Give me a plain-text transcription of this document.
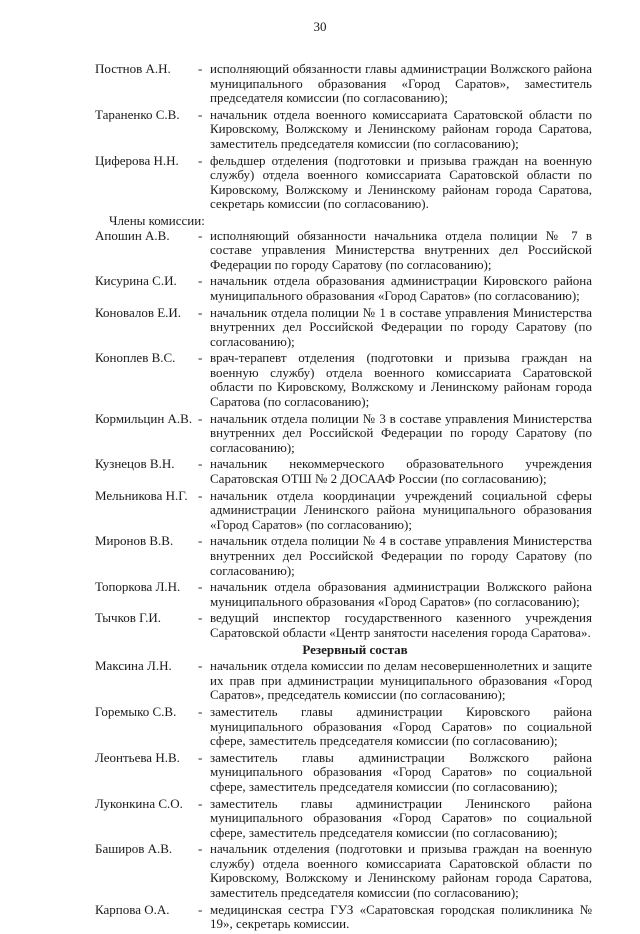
30
Постнов А.Н.	- исполняющий обязанности главы администрации Волжского района муниципального образования «Город Саратов», заместитель председателя комиссии (по согласованию);
Тараненко С.В.	- начальник отдела военного комиссариата Саратовской области по Кировскому, Волжскому и Ленинскому районам города Саратова, заместитель председателя комиссии (по согласованию);
Циферова Н.Н.	- фельдшер отделения (подготовки и призыва граждан на военную службу) отдела военного комиссариата Саратовской области по Кировскому, Волжскому и Ленинскому районам города Саратова, секретарь комиссии (по согласованию).
Члены комиссии:
Апошин А.В.	- исполняющий обязанности начальника отдела полиции № 7 в составе управления Министерства внутренних дел Российской Федерации по городу Саратову (по согласованию);
Кисурина С.И.	- начальник отдела образования администрации Кировского района муниципального образования «Город Саратов» (по согласованию);
Коновалов Е.И.	- начальник отдела полиции № 1 в составе управления Министерства внутренних дел Российской Федерации по городу Саратову (по согласованию);
Коноплев В.С.	- врач-терапевт отделения (подготовки и призыва граждан на военную службу) отдела военного комиссариата Саратовской области по Кировскому, Волжскому и Ленинскому районам города Саратова (по согласованию);
Кормильцин А.В. - начальник отдела полиции № 3 в составе управления Министерства внутренних дел Российской Федерации по городу Саратову (по согласованию);
Кузнецов В.Н.	- начальник некоммерческого образовательного учреждения Саратовская ОТШ № 2 ДОСААФ России (по согласованию);
Мельникова Н.Г. - начальник отдела координации учреждений социальной сферы администрации Ленинского района муниципального образования «Город Саратов» (по согласованию);
Миронов В.В.	- начальник отдела полиции № 4 в составе управления Министерства внутренних дел Российской Федерации по городу Саратову (по согласованию);
Топоркова Л.Н.	- начальник отдела образования администрации Волжского района муниципального образования «Город Саратов» (по согласованию);
Тычков Г.И.	- ведущий инспектор государственного казенного учреждения Саратовской области «Центр занятости населения города Саратова».
Резервный состав
Максина Л.Н.	- начальник отдела комиссии по делам несовершеннолетних и защите их прав при администрации муниципального образования «Город Саратов», председатель комиссии (по согласованию);
Горемыко С.В.	- заместитель главы администрации Кировского района муниципального образования «Город Саратов» по социальной сфере, заместитель председателя комиссии (по согласованию);
Леонтьева Н.В.	- заместитель главы администрации Волжского района муниципального образования «Город Саратов» по социальной сфере, заместитель председателя комиссии (по согласованию);
Луконкина С.О.	- заместитель главы администрации Ленинского района муниципального образования «Город Саратов» по социальной сфере, заместитель председателя комиссии (по согласованию);
Баширов А.В.	- начальник отделения (подготовки и призыва граждан на военную службу) отдела военного комиссариата Саратовской области по Кировскому, Волжскому и Ленинскому районам города Саратова, заместитель председателя комиссии (по согласованию);
Карпова О.А.	- медицинская сестра ГУЗ «Саратовская городская поликлиника № 19», секретарь комиссии.
